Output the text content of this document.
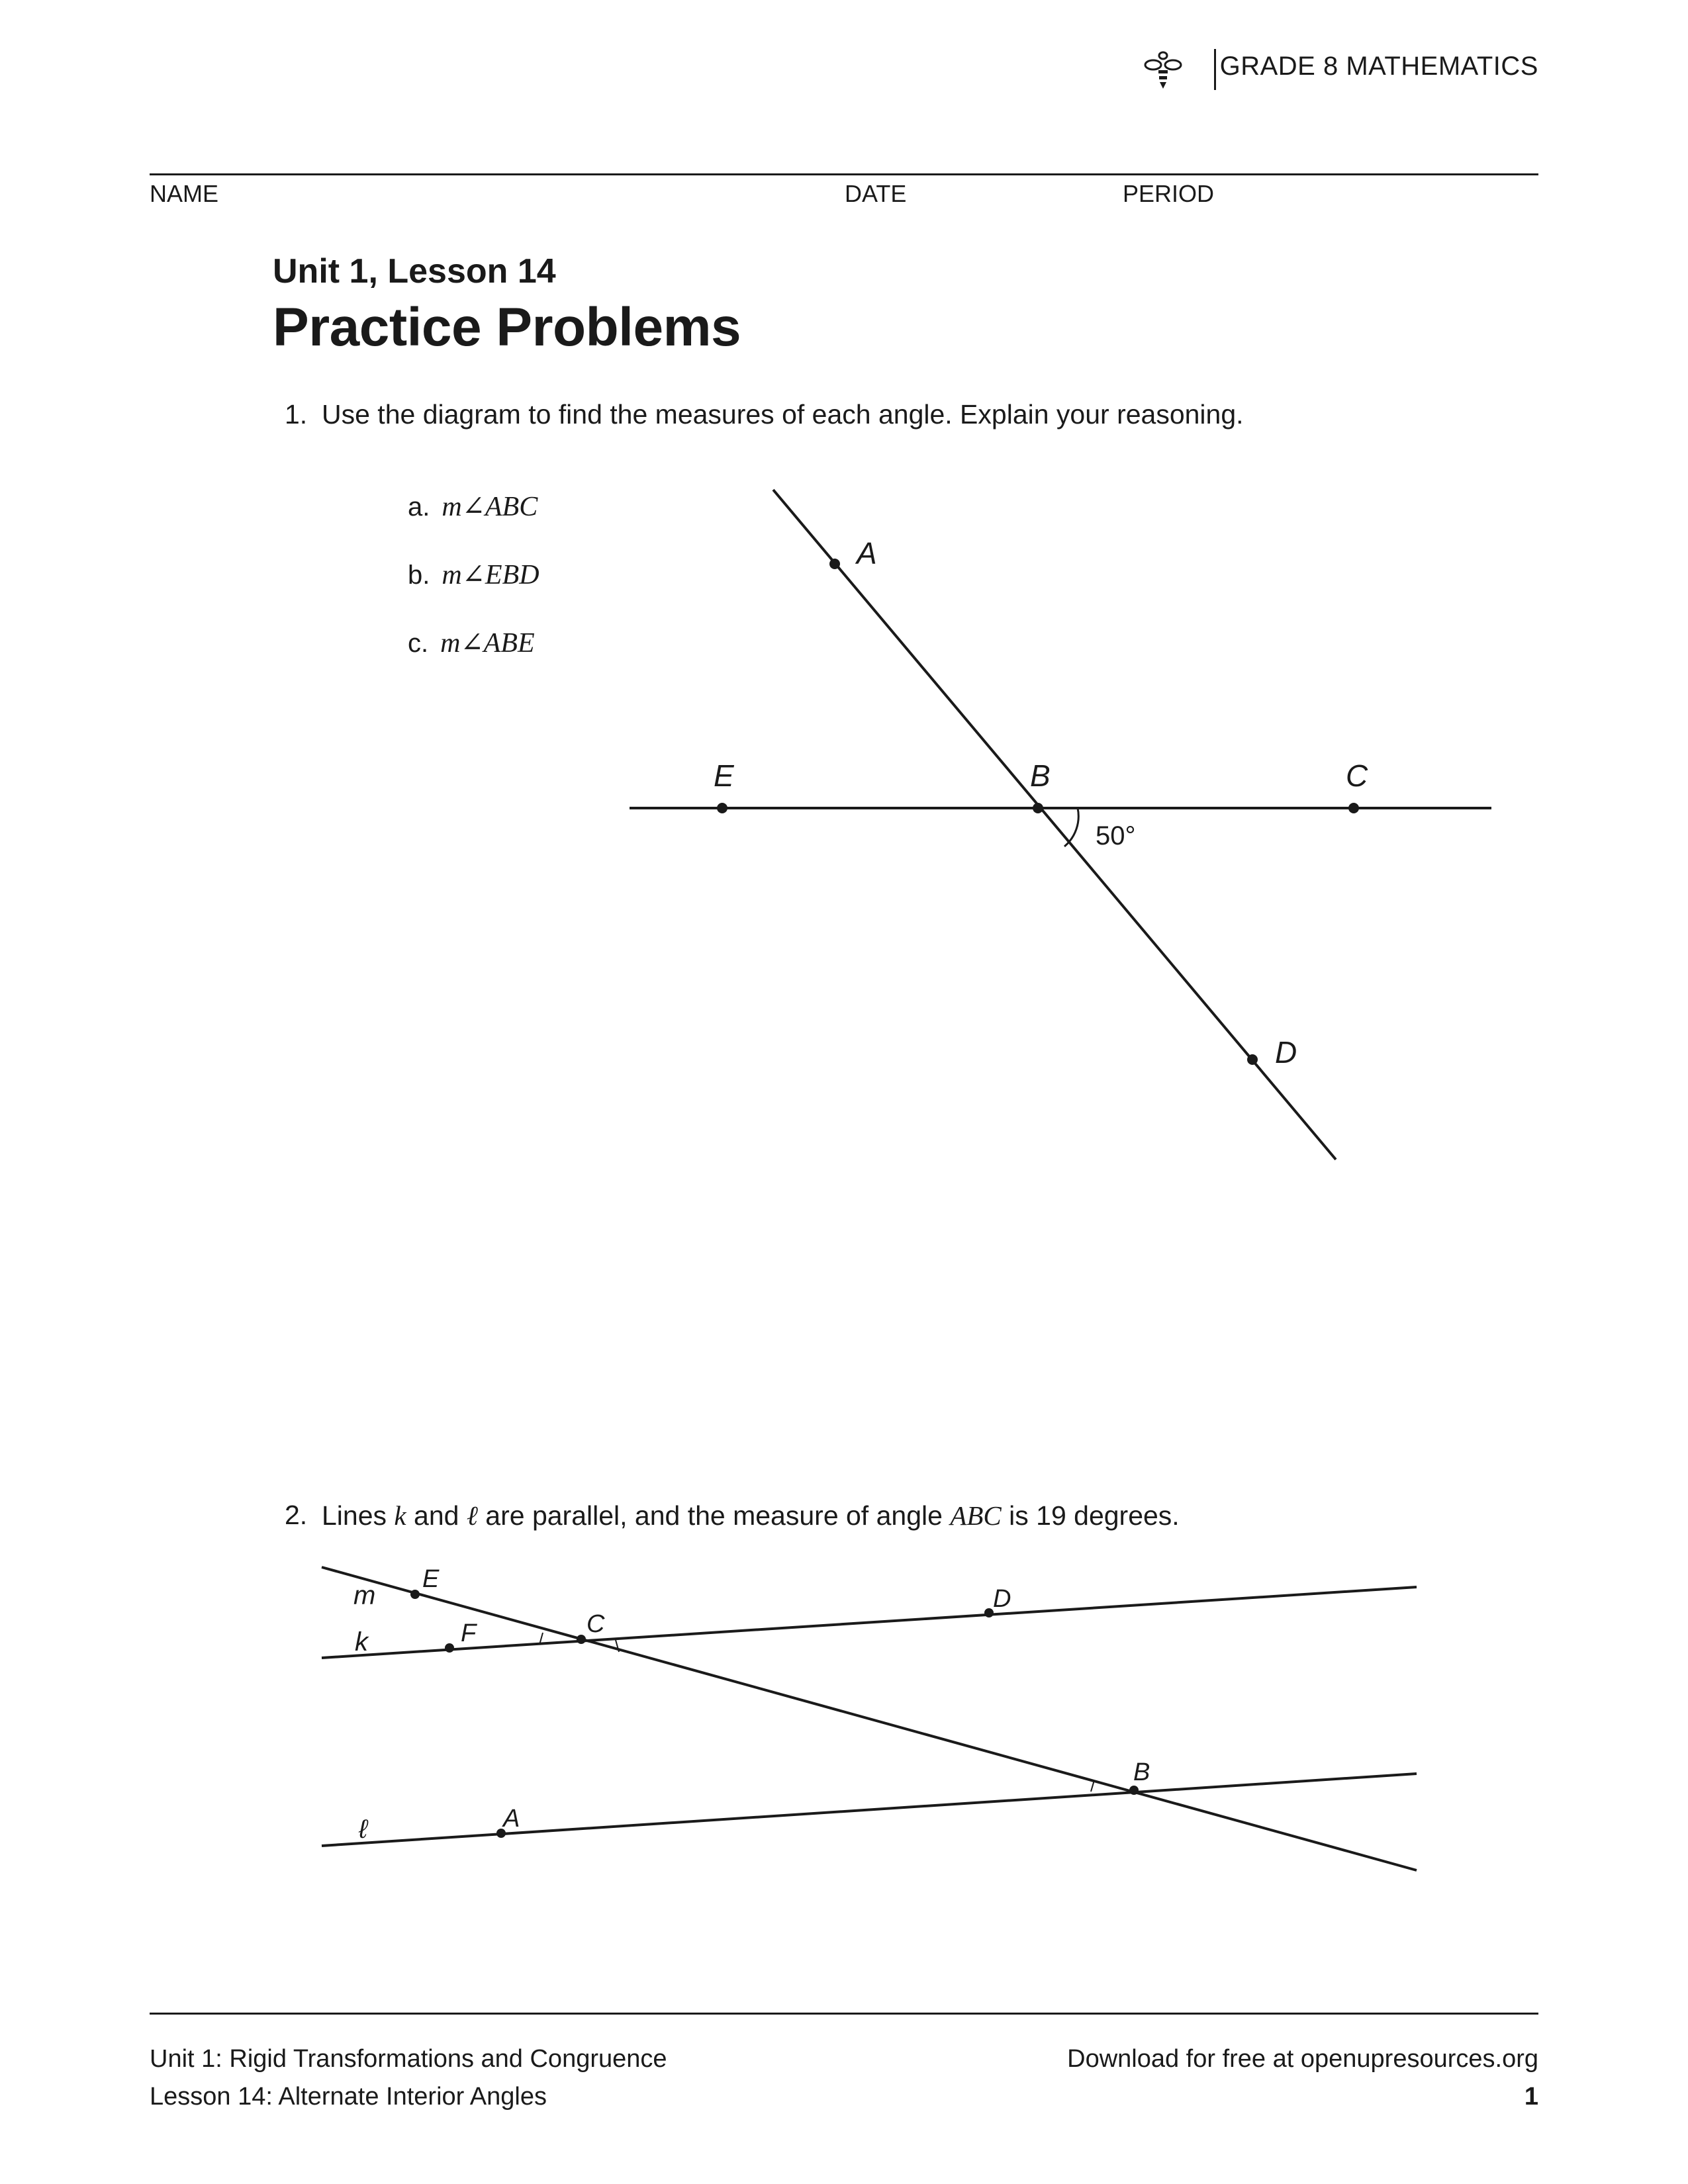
GRADE 8 MATHEMATICS
NAME	DATE	PERIOD
Unit 1, Lesson 14
Practice Problems
1. Use the diagram to find the measures of each angle. Explain your reasoning.
a. m∠ABC
b. m∠EBD
c. m∠ABE
A
B	C
D
E
50°
2. Lines k and ℓ are parallel, and the measure of angle ABC is 19 degrees.
m
k
ℓ
E
F	C
D
B
A
Unit 1: Rigid Transformations and Congruence
Lesson 14: Alternate Interior Angles
Download for free at openupresources.org
1
